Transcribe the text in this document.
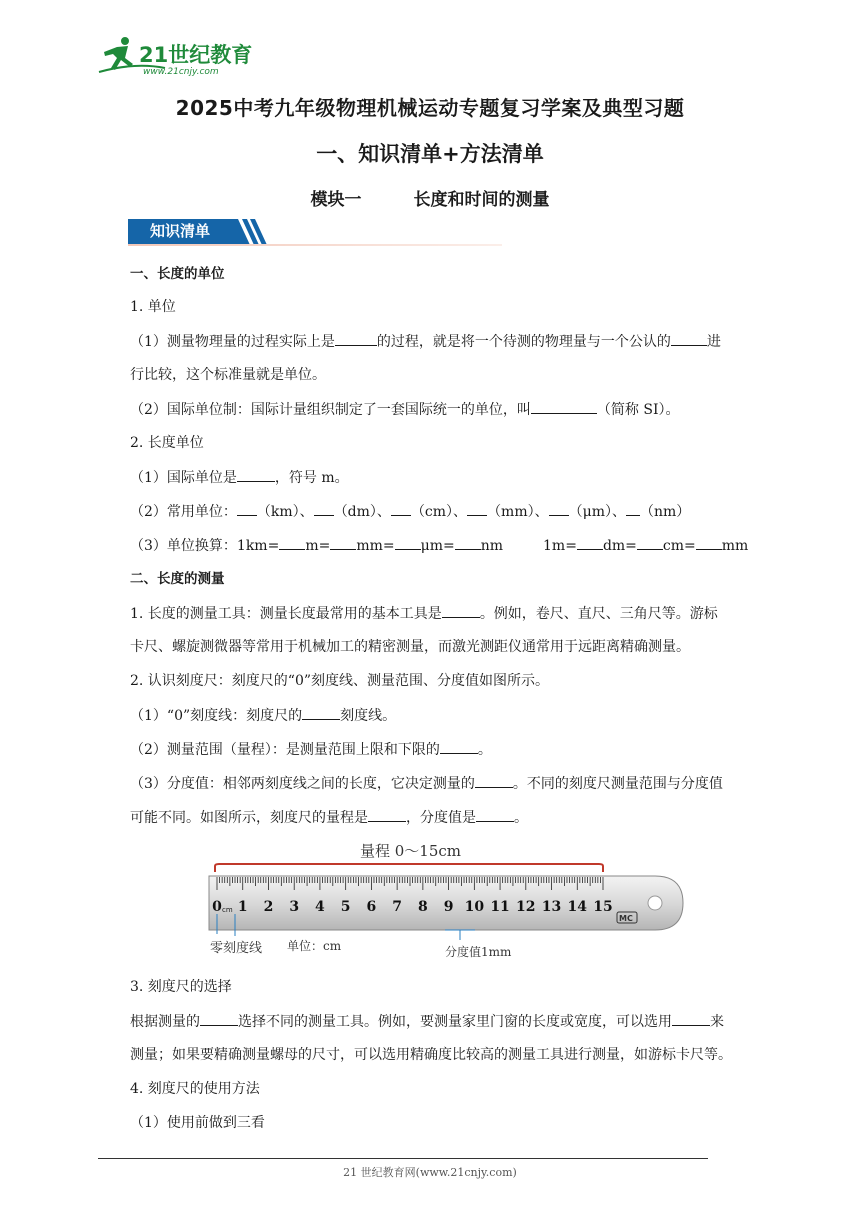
21世纪教育
www.21cnjy.com
2025中考九年级物理机械运动专题复习学案及典型习题
一、知识清单+方法清单
模块一	长度和时间的测量
知识清单
一、长度的单位
1. 单位
（1）测量物理量的过程实际上是	的过程，就是将一个待测的物理量与一个公认的	进
行比较，这个标准量就是单位。
（2）国际单位制：国际计量组织制定了一套国际统一的单位，叫	（简称 SI）。
2. 长度单位
（1）国际单位是	，符号 m。
（2）常用单位： （km）、 （dm）、 （cm）、 （mm）、 （μm）、 （nm）
（3）单位换算：1km= m= mm= μm= nm	1m= dm= cm= mm
二、长度的测量
1. 长度的测量工具：测量长度最常用的基本工具是	。例如，卷尺、直尺、三角尺等。游标
卡尺、螺旋测微器等常用于机械加工的精密测量，而激光测距仪通常用于远距离精确测量。
2. 认识刻度尺：刻度尺的“0”刻度线、测量范围、分度值如图所示。
（1）“0”刻度线：刻度尺的	刻度线。
（2）测量范围（量程）：是测量范围上限和下限的	。
（3）分度值：相邻两刻度线之间的长度，它决定测量的	。不同的刻度尺测量范围与分度值
可能不同。如图所示，刻度尺的量程是	，分度值是	。
量程 0～15cm
0 1 2 3 4 5 6 7 8 9 10 11 12 13 14 15
cm
MC
零刻度线 单位：cm	分度值1mm
3. 刻度尺的选择
根据测量的	选择不同的测量工具。例如，要测量家里门窗的长度或宽度，可以选用	来
测量；如果要精确测量螺母的尺寸，可以选用精确度比较高的测量工具进行测量，如游标卡尺等。
4. 刻度尺的使用方法
（1）使用前做到三看
21 世纪教育网(www.21cnjy.com)
